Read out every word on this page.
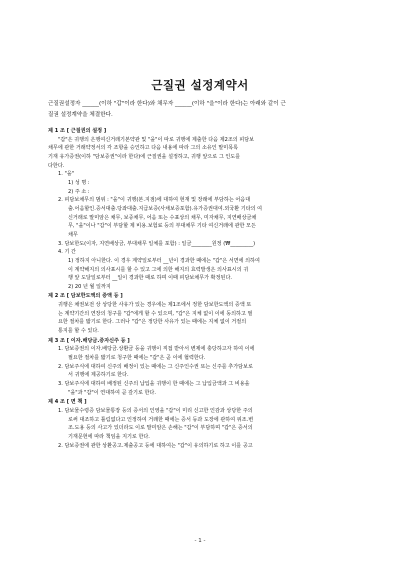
근질권 설정계약서
근질권설정자 ______(이하 "갑"이라 한다)와 채무자 ______(이하 "을"이라 한다)는 아래와 같이 근
질권 설정계약을 체결한다.

제 1 조 [ 근질권의 설정 ]

"갑"은 귀행의 은행여신거래기본약관 및 "을"이 따로 귀행에 제출한 다음 제2조의 피담보

채무에 관한 거래약정서의 각 조항을 승인하고 다음 내용에 따라 그의 소유인 말미목록

기재 유가증권(이하 "담보증권"이라 한다)에 근질권을 설정하고, 귀행 앞으로 그 인도를

다한다.

1. "을"

1) 성 명 :

2) 주 소 :

2. 피담보채무의 범위 : "을"이 귀행(본.지점)에 대하여 현재 및 장래에 부담하는 어음대

출.어음할인.증서대출.당좌대출.지급보증(사채보증포함).유가증권대여.외국환 기타의 여

신거래로 말미암은 채무, 보증채무, 어음 또는 수표상의 채무, 미자채무, 지연배상금채

무, "을"이나 "갑"이 부담할 제 비용.보험료 등의 부대채무 기타 여신거래에 관한 모든

채무

3. 담보한도(이자, 지연배상금, 부대채무 일체를 포함) : 일금________원정 (₩_________)

4. 기 간

1) 정하지 아니한다. 이 경우 계약일로부터 __년이 경과한 때에는 "갑"은 서면에 의하여

이 계약해지의 의사표시를 할 수 있고 그에 의한 해지의 효력발생은 의사표시의 귀

행 앞 도달일로부터 __일이 경과한 때로 하며 이때 피담보채무가 확정된다.

2) 20 년 월 일까지

제 2 조 [ 담보한도액의 증액 등 ]

귀행은 채권보전 상 상당한 사유가 있는 경우에는 제1조에서 정한 담보한도액의 증액 또

는 계약기간의 연장의 청구를 "갑"에게 할 수 있으며, "갑"은 지체 없이 이에 동의하고 필

요한 절차를 밟기로 한다. 그러나 "갑"은 정당한 사유가 있는 때에는 지체 없이 거절의

통지를 할 수 있다.

제 3 조 [ 이자.배당금.증자신주 등 ]

1. 담보증권의 이자.배당금.상환금 등을 귀행이 직접 받아서 변제에 충당하고자 하여 이에

필요한 절차를 밟기로 청구한 때에는 "갑"은 곧 이에 협력한다.

2. 담보주식에 대하여 신주의 배정이 있는 때에는 그 신주인수권 또는 신주를 추가담보로

서 귀행에 제공하기로 한다.

3. 담보주식에 대하여 배정된 신주의 납입을 귀행이 한 때에는 그 납입금액과 그 비용을

"을"과 "갑"이 연대하여 곧 갚기로 한다.

제 4 조 [ 면 책 ]

1. 담보물수령증 담보물통장 등의 증서의 인영을 "갑"이 미리 신고한 인감과 상당한 주의

로써 대조하고 틀림없다고 인정하여 거래한 때에는 증서 등과 도장에 관하여 위조.변

조.도용 등의 사고가 있더라도 이로 말미암은 손해는 "갑"이 부담하며 "갑"은 증서의

기재문헌에 따라 책임을 지기로 한다.

2. 담보증권에 관한 상환공고.제출공고 등에 대하여는 "갑"이 유의하기로 하고 이를 공고

- 1 -
